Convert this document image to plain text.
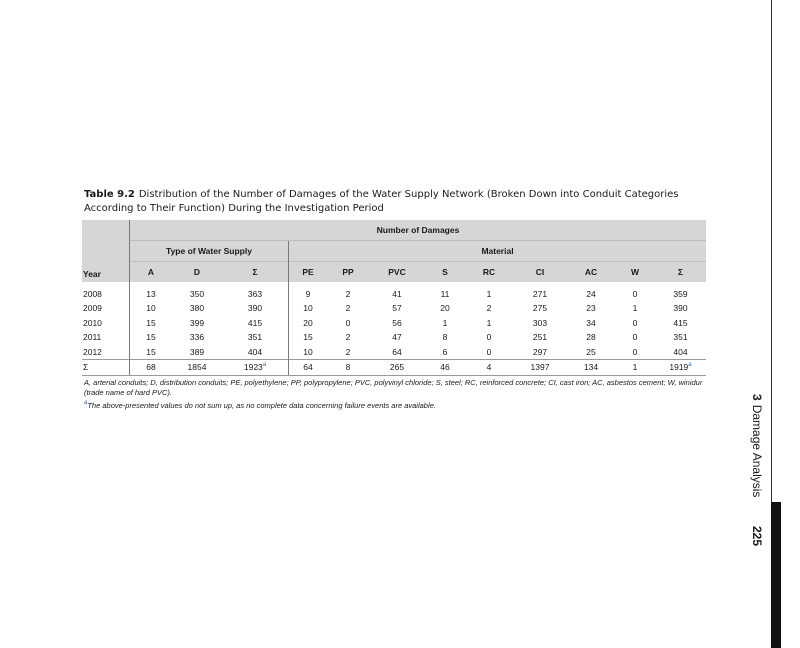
Table 9.2 Distribution of the Number of Damages of the Water Supply Network (Broken Down into Conduit Categories According to Their Function) During the Investigation Period
Year	Number of Damages											
	Type of Water Supply			Material								
	A	D	Σ	PE	PP	PVC	S	RC	CI	AC	W	Σ
2008	13	350	363	9	2	41	11	1	271	24	0	359
2009	10	380	390	10	2	57	20	2	275	23	1	390
2010	15	399	415	20	0	56	1	1	303	34	0	415
2011	15	336	351	15	2	47	8	0	251	28	0	351
2012	15	389	404	10	2	64	6	0	297	25	0	404
Σ	68	1854	1923$^a$	64	8	265	46	4	1397	134	1	1919$^a$
A, arterial conduits; D, distribution conduits; PE, polyethylene; PP, polypropylene; PVC, polyvinyl chloride; S, steel; RC, reinforced concrete; CI, cast iron; AC, asbestos cement; W, winidur (trade name of hard PVC).
$^a$The above-presented values do not sum up, as no complete data concerning failure events are available.
3Damage Analysis
225
